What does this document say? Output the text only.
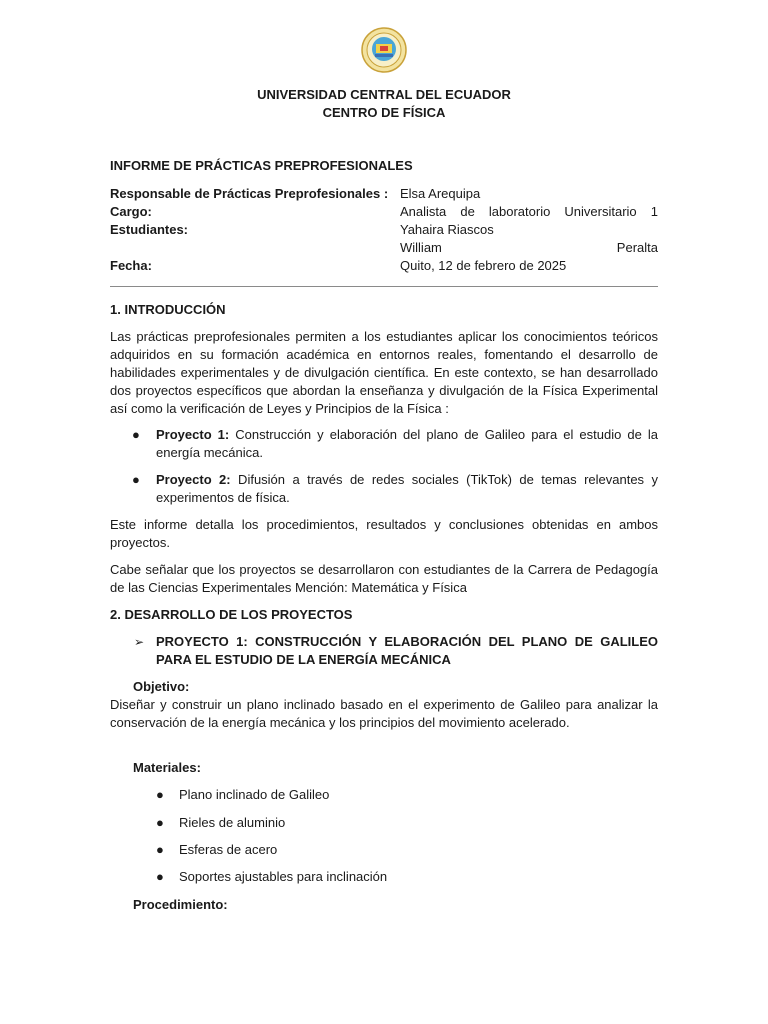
UNIVERSIDAD CENTRAL DEL ECUADOR
CENTRO DE FÍSICA
INFORME DE PRÁCTICAS PREPROFESIONALES
Responsable de Prácticas Preprofesionales : Elsa Arequipa
Cargo:	Analista de laboratorio Universitario 1
Estudiantes:	Yahaira Riascos
William Peralta
Fecha:	Quito, 12 de febrero de 2025
1. INTRODUCCIÓN

Las prácticas preprofesionales permiten a los estudiantes aplicar los conocimientos teóricos adquiridos en su formación académica en entornos reales, fomentando el desarrollo de habilidades experimentales y de divulgación científica. En este contexto, se han desarrollado dos proyectos específicos que abordan la enseñanza y divulgación de la Física Experimental así como la verificación de Leyes y Principios de la Física :

● Proyecto 1: Construcción y elaboración del plano de Galileo para el estudio de la energía mecánica.
● Proyecto 2: Difusión a través de redes sociales (TikTok) de temas relevantes y experimentos de física.

Este informe detalla los procedimientos, resultados y conclusiones obtenidas en ambos proyectos.

Cabe señalar que los proyectos se desarrollaron con estudiantes de la Carrera de Pedagogía de las Ciencias Experimentales Mención: Matemática y Física

2. DESARROLLO DE LOS PROYECTOS
➢ PROYECTO 1: CONSTRUCCIÓN Y ELABORACIÓN DEL PLANO DE GALILEO PARA EL ESTUDIO DE LA ENERGÍA MECÁNICA
Objetivo:

Diseñar y construir un plano inclinado basado en el experimento de Galileo para analizar la conservación de la energía mecánica y los principios del movimiento acelerado.

Materiales:
● Plano inclinado de Galileo
● Rieles de aluminio
● Esferas de acero
● Soportes ajustables para inclinación
Procedimiento:
